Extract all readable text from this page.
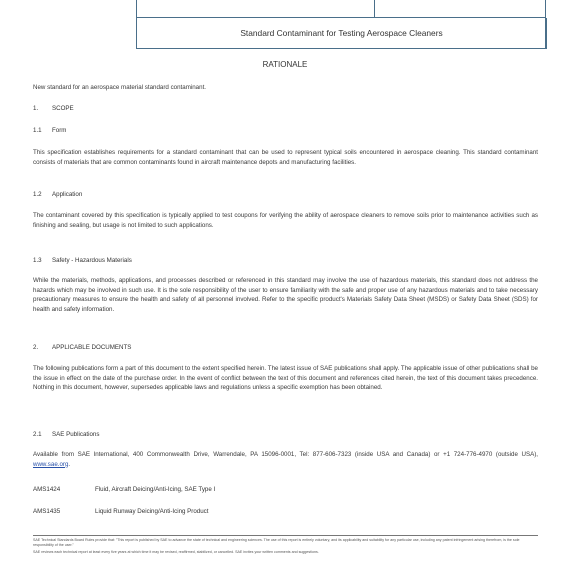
Standard Contaminant for Testing Aerospace Cleaners
RATIONALE
New standard for an aerospace material standard contaminant.
1. SCOPE
1.1 Form
This specification establishes requirements for a standard contaminant that can be used to represent typical soils encountered in aerospace cleaning. This standard contaminant consists of materials that are common contaminants found in aircraft maintenance depots and manufacturing facilities.
1.2 Application
The contaminant covered by this specification is typically applied to test coupons for verifying the ability of aerospace cleaners to remove soils prior to maintenance activities such as finishing and sealing, but usage is not limited to such applications.
1.3 Safety - Hazardous Materials
While the materials, methods, applications, and processes described or referenced in this standard may involve the use of hazardous materials, this standard does not address the hazards which may be involved in such use. It is the sole responsibility of the user to ensure familiarity with the safe and proper use of any hazardous materials and to take necessary precautionary measures to ensure the health and safety of all personnel involved. Refer to the specific product's Materials Safety Data Sheet (MSDS) or Safety Data Sheet (SDS) for health and safety information.
2. APPLICABLE DOCUMENTS
The following publications form a part of this document to the extent specified herein. The latest issue of SAE publications shall apply. The applicable issue of other publications shall be the issue in effect on the date of the purchase order. In the event of conflict between the text of this document and references cited herein, the text of this document takes precedence. Nothing in this document, however, supersedes applicable laws and regulations unless a specific exemption has been obtained.
2.1 SAE Publications
Available from SAE International, 400 Commonwealth Drive, Warrendale, PA 15096-0001, Tel: 877-606-7323 (inside USA and Canada) or +1 724-776-4970 (outside USA), www.sae.org.
AMS1424	Fluid, Aircraft Deicing/Anti-Icing, SAE Type I
AMS1435	Liquid Runway Deicing/Anti-Icing Product
SAE Technical Standards Board Rules provide that: "This report is published by SAE to advance the state of technical and engineering sciences. The use of this report is entirely voluntary, and its applicability and suitability for any particular use, including any patent infringement arising therefrom, is the sole responsibility of the user."
SAE reviews each technical report at least every five years at which time it may be revised, reaffirmed, stabilized, or cancelled. SAE invites your written comments and suggestions.
